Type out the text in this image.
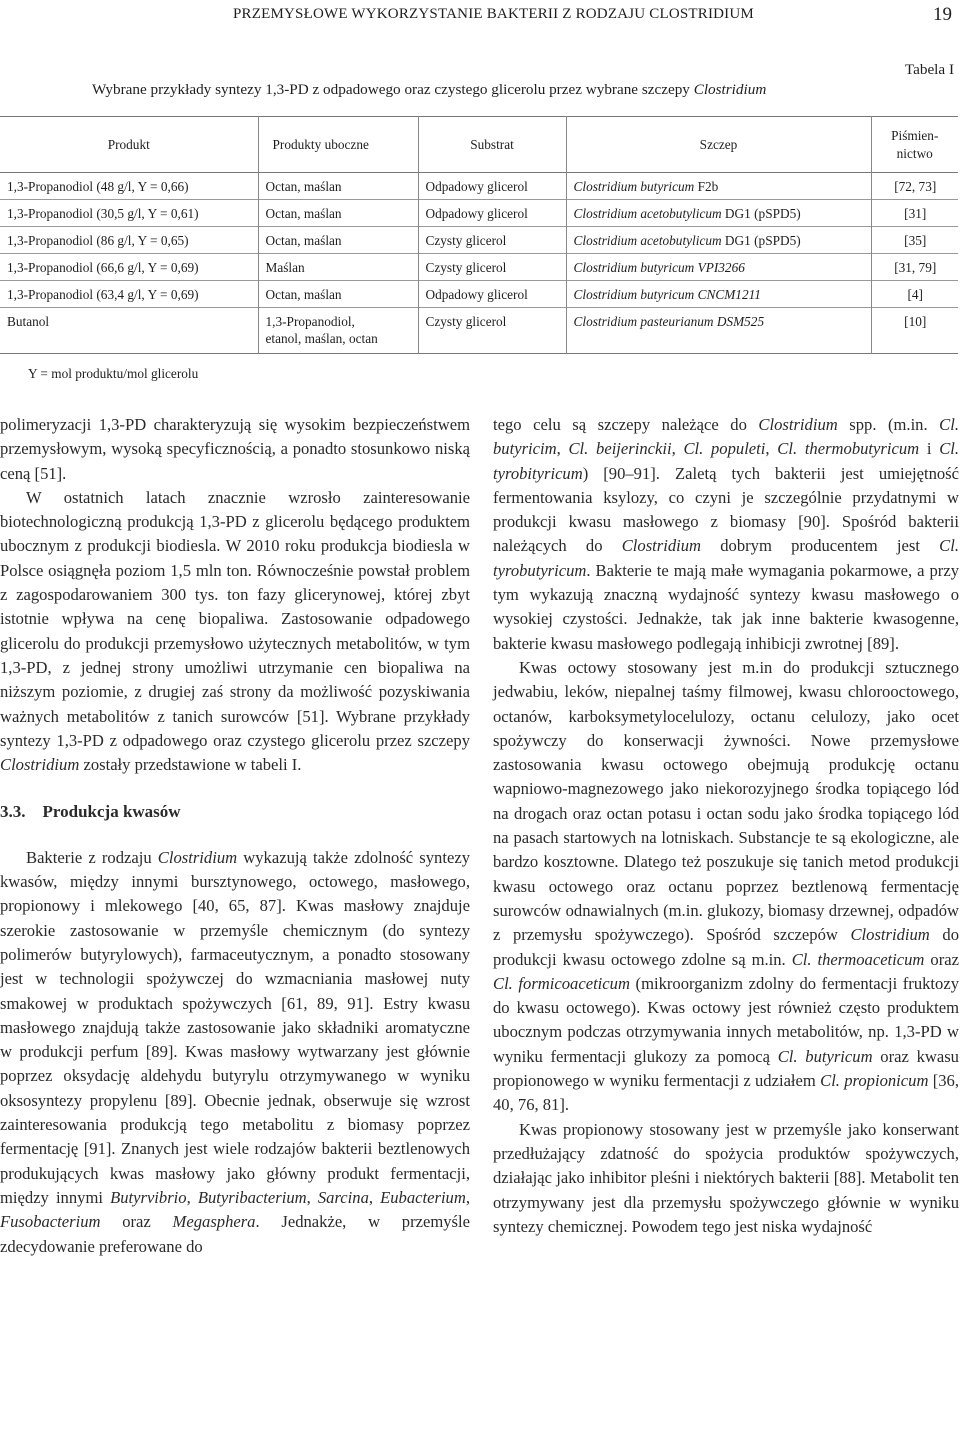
PRZEMYSŁOWE WYKORZYSTANIE BAKTERII Z RODZAJU CLOSTRIDIUM	19
Wybrane przykłady syntezy 1,3-PD z odpadowego oraz czystego glicerolu przez wybrane szczepy Clostridium
Tabela I
Produkt	Produkty uboczne	Substrat	Szczep	Piśmien-
nictwo
1,3-Propanodiol (48 g/l, Y = 0,66)	Octan, maślan	Odpadowy glicerol	Clostridium butyricum F2b	[72, 73]
1,3-Propanodiol (30,5 g/l, Y = 0,61)	Octan, maślan	Odpadowy glicerol	Clostridium acetobutylicum DG1 (pSPD5)	[31]
1,3-Propanodiol (86 g/l, Y = 0,65)	Octan, maślan	Czysty glicerol	Clostridium acetobutylicum DG1 (pSPD5)	[35]
1,3-Propanodiol (66,6 g/l, Y = 0,69)	Maślan	Czysty glicerol	Clostridium butyricum VPI3266	[31, 79]
1,3-Propanodiol (63,4 g/l, Y = 0,69)	Octan, maślan	Odpadowy glicerol	Clostridium butyricum CNCM1211	[4]
Butanol	1,3-Propanodiol,
etanol, maślan, octan	Czysty glicerol	Clostridium pasteurianum DSM525	[10]
Y = mol produktu/mol glicerolu

polimeryzacji 1,3-PD charakteryzują się wysokim bezpieczeństwem przemysłowym, wysoką specyficznością, a ponadto stosunkowo niską ceną [51].

W ostatnich latach znacznie wzrosło zainteresowanie biotechnologiczną produkcją 1,3-PD z glicerolu będącego produktem ubocznym z produkcji biodiesla. W 2010 roku produkcja biodiesla w Polsce osiągnęła poziom 1,5 mln ton. Równocześnie powstał problem z zagospodarowaniem 300 tys. ton fazy glicerynowej, której zbyt istotnie wpływa na cenę biopaliwa. Zastosowanie odpadowego glicerolu do produkcji przemysłowo użytecznych metabolitów, w tym 1,3-PD, z jednej strony umożliwi utrzymanie cen biopaliwa na niższym poziomie, z drugiej zaś strony da możliwość pozyskiwania ważnych metabolitów z tanich surowców [51]. Wybrane przykłady syntezy 1,3-PD z odpadowego oraz czystego glicerolu przez szczepy Clostridium zostały przedstawione w tabeli I.

3.3. Produkcja kwasów

Bakterie z rodzaju Clostridium wykazują także zdolność syntezy kwasów, między innymi bursztynowego, octowego, masłowego, propionowy i mlekowego [40, 65, 87]. Kwas masłowy znajduje szerokie zastosowanie w przemyśle chemicznym (do syntezy polimerów butyrylowych), farmaceutycznym, a ponadto stosowany jest w technologii spożywczej do wzmacniania masłowej nuty smakowej w produktach spożywczych [61, 89, 91]. Estry kwasu masłowego znajdują także zastosowanie jako składniki aromatyczne w produkcji perfum [89]. Kwas masłowy wytwarzany jest głównie poprzez oksydację aldehydu butyrylu otrzymywanego w wyniku oksosyntezy propylenu [89]. Obecnie jednak, obserwuje się wzrost zainteresowania produkcją tego metabolitu z biomasy poprzez fermentację [91]. Znanych jest wiele rodzajów bakterii beztlenowych produkujących kwas masłowy jako główny produkt fermentacji, między innymi Butyrvibrio, Butyribacterium, Sarcina, Eubacterium, Fusobacterium oraz Megasphera. Jednakże, w przemyśle zdecydowanie preferowane do

tego celu są szczepy należące do Clostridium spp. (m.in. Cl. butyricim, Cl. beijerinckii, Cl. populeti, Cl. thermobutyricum i Cl. tyrobityricum) [90–91]. Zaletą tych bakterii jest umiejętność fermentowania ksylozy, co czyni je szczególnie przydatnymi w produkcji kwasu masłowego z biomasy [90]. Spośród bakterii należących do Clostridium dobrym producentem jest Cl. tyrobutyricum. Bakterie te mają małe wymagania pokarmowe, a przy tym wykazują znaczną wydajność syntezy kwasu masłowego o wysokiej czystości. Jednakże, tak jak inne bakterie kwasogenne, bakterie kwasu masłowego podlegają inhibicji zwrotnej [89].

Kwas octowy stosowany jest m.in do produkcji sztucznego jedwabiu, leków, niepalnej taśmy filmowej, kwasu chlorooctowego, octanów, karboksymetylocelulozy, octanu celulozy, jako ocet spożywczy do konserwacji żywności. Nowe przemysłowe zastosowania kwasu octowego obejmują produkcję octanu wapniowo-magnezowego jako niekorozyjnego środka topiącego lód na drogach oraz octan potasu i octan sodu jako środka topiącego lód na pasach startowych na lotniskach. Substancje te są ekologiczne, ale bardzo kosztowne. Dlatego też poszukuje się tanich metod produkcji kwasu octowego oraz octanu poprzez beztlenową fermentację surowców odnawialnych (m.in. glukozy, biomasy drzewnej, odpadów z przemysłu spożywczego). Spośród szczepów Clostridium do produkcji kwasu octowego zdolne są m.in. Cl. thermoaceticum oraz Cl. formicoaceticum (mikroorganizm zdolny do fermentacji fruktozy do kwasu octowego). Kwas octowy jest również często produktem ubocznym podczas otrzymywania innych metabolitów, np. 1,3-PD w wyniku fermentacji glukozy za pomocą Cl. butyricum oraz kwasu propionowego w wyniku fermentacji z udziałem Cl. propionicum [36, 40, 76, 81].

Kwas propionowy stosowany jest w przemyśle jako konserwant przedłużający zdatność do spożycia produktów spożywczych, działając jako inhibitor pleśni i niektórych bakterii [88]. Metabolit ten otrzymywany jest dla przemysłu spożywczego głównie w wyniku syntezy chemicznej. Powodem tego jest niska wydajność
